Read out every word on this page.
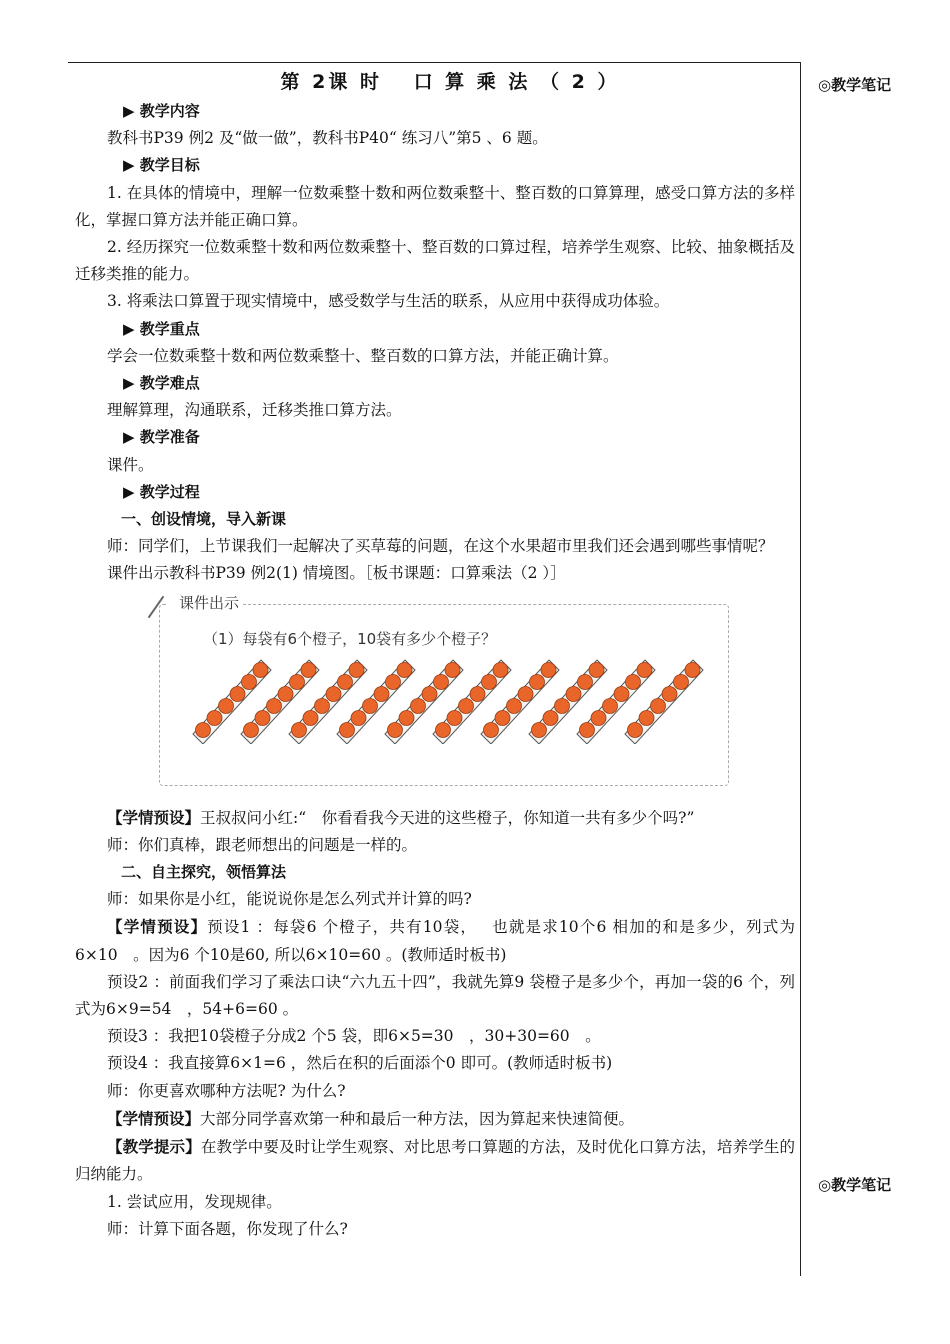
◎教学笔记
◎教学笔记
第 2课 时　 口 算 乘 法 （ 2 ）
▶ 教学内容

教科书P39 例2 及“做一做”，教科书P40“ 练习八”第5 、6 题。

▶ 教学目标

1. 在具体的情境中，理解一位数乘整十数和两位数乘整十、整百数的口算算理，感受口算方法的多样化，掌握口算方法并能正确口算。

2. 经历探究一位数乘整十数和两位数乘整十、整百数的口算过程，培养学生观察、比较、抽象概括及迁移类推的能力。

3. 将乘法口算置于现实情境中，感受数学与生活的联系，从应用中获得成功体验。

▶ 教学重点

学会一位数乘整十数和两位数乘整十、整百数的口算方法，并能正确计算。

▶ 教学难点

理解算理，沟通联系，迁移类推口算方法。

▶ 教学准备

课件。

▶ 教学过程
一、创设情境，导入新课

师：同学们，上节课我们一起解决了买草莓的问题，在这个水果超市里我们还会遇到哪些事情呢？

课件出示教科书P39 例2(1) 情境图。［板书课题：口算乘法（2 ）］

课件出示
（1）每袋有6个橙子，10袋有多少个橙子？

【学情预设】王叔叔问小红:“　你看看我今天进的这些橙子，你知道一共有多少个吗?”

师：你们真棒，跟老师想出的问题是一样的。

二、自主探究，领悟算法

师：如果你是小红，能说说你是怎么列式并计算的吗?

【学情预设】预设1 ：每袋6 个橙子，共有10袋，　 也就是求10个6 相加的和是多少，列式为6×10　。因为6 个10是60, 所以6×10=60 。(教师适时板书)

预设2 ：前面我们学习了乘法口诀“六九五十四”，我就先算9 袋橙子是多少个，再加一袋的6 个，列式为6×9=54　，54+6=60 。

预设3 ：我把10袋橙子分成2 个5 袋，即6×5=30　，30+30=60　。

预设4 ：我直接算6×1=6 ，然后在积的后面添个0 即可。(教师适时板书)

师：你更喜欢哪种方法呢? 为什么?

【学情预设】大部分同学喜欢第一种和最后一种方法，因为算起来快速简便。

【教学提示】在教学中要及时让学生观察、对比思考口算题的方法，及时优化口算方法，培养学生的归纳能力。

1. 尝试应用，发现规律。

师：计算下面各题，你发现了什么?
